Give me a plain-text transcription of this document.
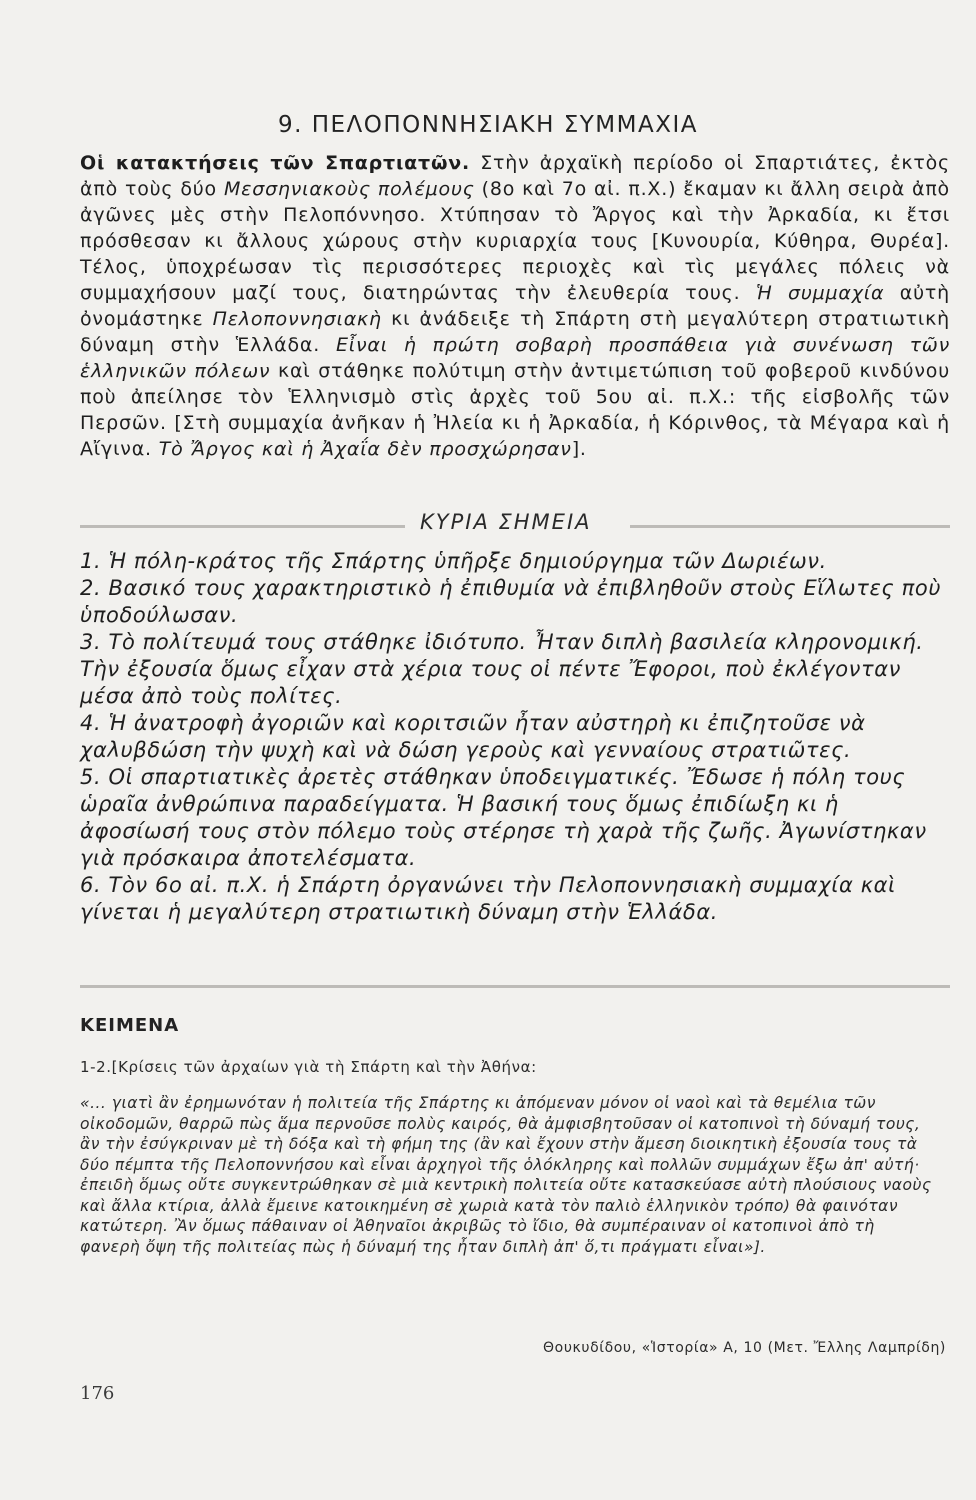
9. ΠΕΛΟΠΟΝΝΗΣΙΑΚΗ ΣΥΜΜΑΧΙΑ

Οἱ κατακτήσεις τῶν Σπαρτιατῶν. Στὴν ἀρχαϊκὴ περίοδο οἱ Σπαρτιάτες, ἐκτὸς ἀπὸ τοὺς δύο Μεσσηνιακοὺς πολέμους (8ο καὶ 7ο αἰ. π.Χ.) ἔκαμαν κι ἄλλη σειρὰ ἀπὸ ἀγῶνες μὲς στὴν Πελοπόννησο. Χτύπησαν τὸ Ἄργος καὶ τὴν Ἀρκαδία, κι ἔτσι πρόσθεσαν κι ἄλλους χώρους στὴν κυριαρχία τους [Κυνουρία, Κύθηρα, Θυρέα]. Τέλος, ὑποχρέωσαν τὶς περισσότερες περιοχὲς καὶ τὶς μεγάλες πόλεις νὰ συμμαχήσουν μαζί τους, διατηρώντας τὴν ἐλευθερία τους. Ἡ συμμαχία αὐτὴ ὀνομάστηκε Πελοποννησιακὴ κι ἀνάδειξε τὴ Σπάρτη στὴ μεγαλύτερη στρατιωτικὴ δύναμη στὴν Ἑλλάδα. Εἶναι ἡ πρώτη σοβαρὴ προσπάθεια γιὰ συνένωση τῶν ἑλληνικῶν πόλεων καὶ στάθηκε πολύτιμη στὴν ἀντιμετώπιση τοῦ φοβεροῦ κινδύνου ποὺ ἀπείλησε τὸν Ἑλληνισμὸ στὶς ἀρχὲς τοῦ 5ου αἰ. π.Χ.: τῆς εἰσβολῆς τῶν Περσῶν. [Στὴ συμμαχία ἀνῆκαν ἡ Ἠλεία κι ἡ Ἀρκαδία, ἡ Κόρινθος, τὰ Μέγαρα καὶ ἡ Αἴγινα. Τὸ Ἄργος καὶ ἡ Ἀχαΐα δὲν προσχώρησαν].

ΚΥΡΙΑ ΣΗΜΕΙΑ

1. Ἡ πόλη-κράτος τῆς Σπάρτης ὑπῆρξε δημιούργημα τῶν Δωριέων.

2. Βασικό τους χαρακτηριστικὸ ἡ ἐπιθυμία νὰ ἐπιβληθοῦν στοὺς Εἵλωτες ποὺ ὑποδούλωσαν.

3. Τὸ πολίτευμά τους στάθηκε ἰδιότυπο. Ἦταν διπλὴ βασιλεία κληρονομική. Τὴν ἐξουσία ὅμως εἶχαν στὰ χέρια τους οἱ πέντε Ἔφοροι, ποὺ ἐκλέγονταν μέσα ἀπὸ τοὺς πολίτες.

4. Ἡ ἀνατροφὴ ἀγοριῶν καὶ κοριτσιῶν ἦταν αὐστηρὴ κι ἐπιζητοῦσε νὰ χαλυβδώση τὴν ψυχὴ καὶ νὰ δώση γεροὺς καὶ γενναίους στρατιῶτες.

5. Οἱ σπαρτιατικὲς ἀρετὲς στάθηκαν ὑποδειγματικές. Ἔδωσε ἡ πόλη τους ὡραῖα ἀνθρώπινα παραδείγματα. Ἡ βασική τους ὅμως ἐπιδίωξη κι ἡ ἀφοσίωσή τους στὸν πόλεμο τοὺς στέρησε τὴ χαρὰ τῆς ζωῆς. Ἀγωνίστηκαν γιὰ πρόσκαιρα ἀποτελέσματα.

6. Τὸν 6ο αἰ. π.Χ. ἡ Σπάρτη ὀργανώνει τὴν Πελοποννησιακὴ συμμαχία καὶ γίνεται ἡ μεγαλύτερη στρατιωτικὴ δύναμη στὴν Ἑλλάδα.

ΚΕΙΜΕΝΑ
1-2.[Κρίσεις τῶν ἀρχαίων γιὰ τὴ Σπάρτη καὶ τὴν Ἀθήνα:

«... γιατὶ ἂν ἐρημωνόταν ἡ πολιτεία τῆς Σπάρτης κι ἀπόμεναν μόνον οἱ ναοὶ καὶ τὰ θεμέλια τῶν οἰκοδομῶν, θαρρῶ πὼς ἅμα περνοῦσε πολὺς καιρός, θὰ ἀμφισβητοῦσαν οἱ κατοπινοὶ τὴ δύναμή τους, ἂν τὴν ἐσύγκριναν μὲ τὴ δόξα καὶ τὴ φήμη της (ἂν καὶ ἔχουν στὴν ἄμεση διοικητικὴ ἐξουσία τους τὰ δύο πέμπτα τῆς Πελοποννήσου καὶ εἶναι ἀρχηγοὶ τῆς ὁλόκληρης καὶ πολλῶν συμμάχων ἔξω ἀπ' αὐτή· ἐπειδὴ ὅμως οὔτε συγκεντρώθηκαν σὲ μιὰ κεντρικὴ πολιτεία οὔτε κατασκεύασε αὐτὴ πλούσιους ναοὺς καὶ ἄλλα κτίρια, ἀλλὰ ἔμεινε κατοικημένη σὲ χωριὰ κατὰ τὸν παλιὸ ἑλληνικὸν τρόπο) θὰ φαινόταν κατώτερη. Ἂν ὅμως πάθαιναν οἱ Ἀθηναῖοι ἀκριβῶς τὸ ἴδιο, θὰ συμπέραιναν οἱ κατοπινοὶ ἀπὸ τὴ φανερὴ ὄψη τῆς πολιτείας πὼς ἡ δύναμή της ἦταν διπλὴ ἀπ' ὅ,τι πράγματι εἶναι»].

Θουκυδίδου, «Ἱστορία» Α, 10 (Μετ. Ἔλλης Λαμπρίδη)
176
